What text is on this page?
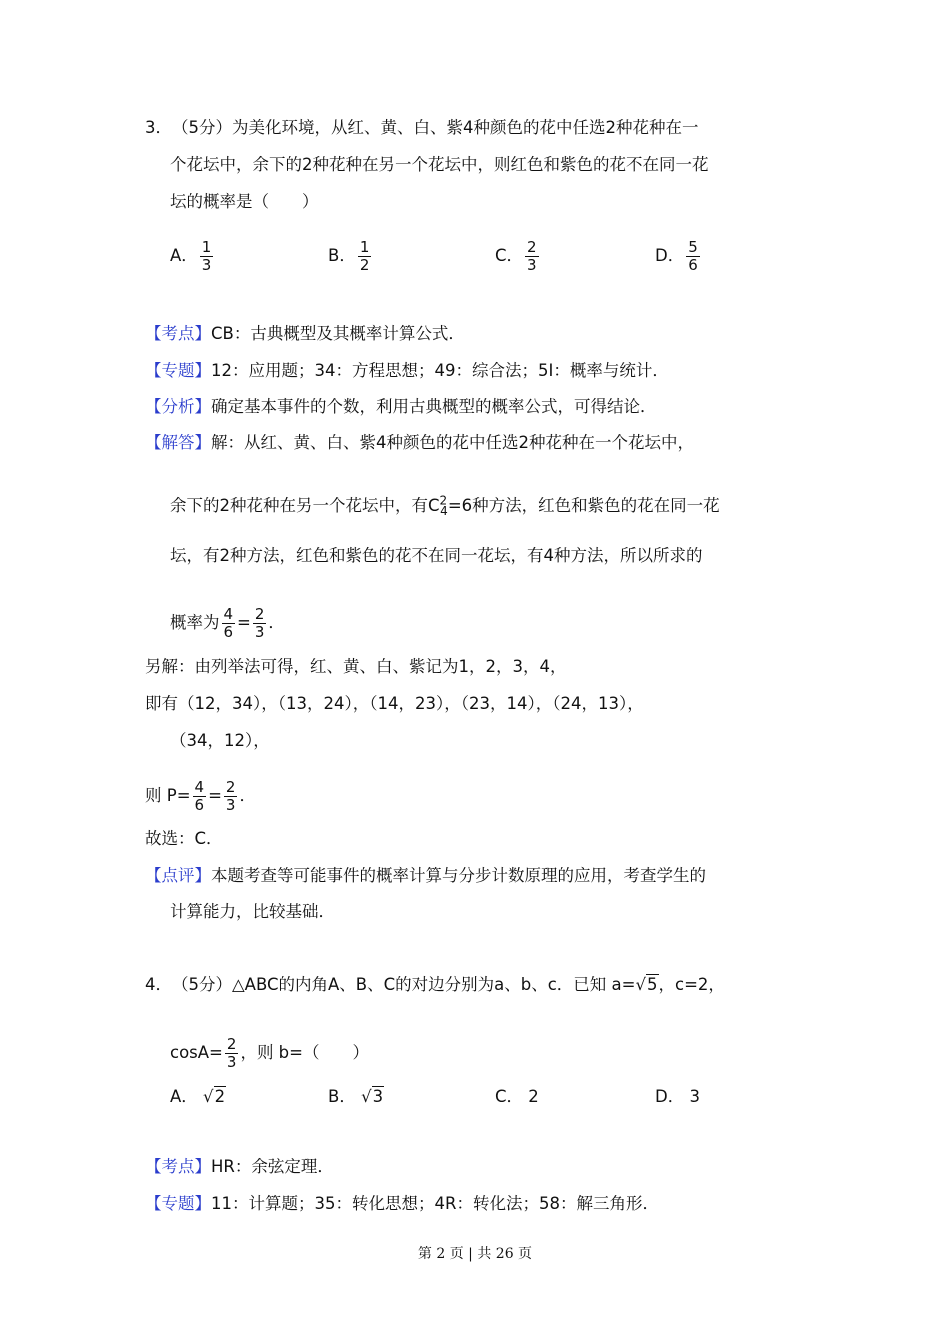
3． （5分）为美化环境，从红、黄、白、紫4种颜色的花中任选2种花种在一
个花坛中，余下的2种花种在另一个花坛中，则红色和紫色的花不在同一花
坛的概率是（　　）
A． $\frac{1}{3}$	B． $\frac{1}{2}$	C． $\frac{2}{3}$	D． $\frac{5}{6}$
【考点】CB：古典概型及其概率计算公式．
【专题】12：应用题；34：方程思想；49：综合法；5I：概率与统计．
【分析】确定基本事件的个数，利用古典概型的概率公式，可得结论．
【解答】解：从红、黄、白、紫4种颜色的花中任选2种花种在一个花坛中，
余下的2种花种在另一个花坛中，有$C^2_4=6$种方法，红色和紫色的花在同一花
坛，有2种方法，红色和紫色的花不在同一花坛，有4种方法，所以所求的
概率为 $\frac{4}{6} = \frac{2}{3}$ ．
另解：由列举法可得，红、黄、白、紫记为1，2，3，4，
即有（12，34），（13，24），（14，23），（23，14），（24，13），
（34，12），
则 $P= \frac{4}{6} = \frac{2}{3}$ ．
故选：C．
【点评】本题考查等可能事件的概率计算与分步计数原理的应用，考查学生的
计算能力，比较基础．
4． （5分）△ABC的内角A、B、C的对边分别为a、b、c．已知 a=√5，c=2，
$\cos A= \frac{2}{3}$ ，则 b=（　　）
A． √2	B． √3	C． 2	D． 3
【考点】HR：余弦定理．
【专题】11：计算题；35：转化思想；4R：转化法；58：解三角形．
第 2 页 | 共 26 页
